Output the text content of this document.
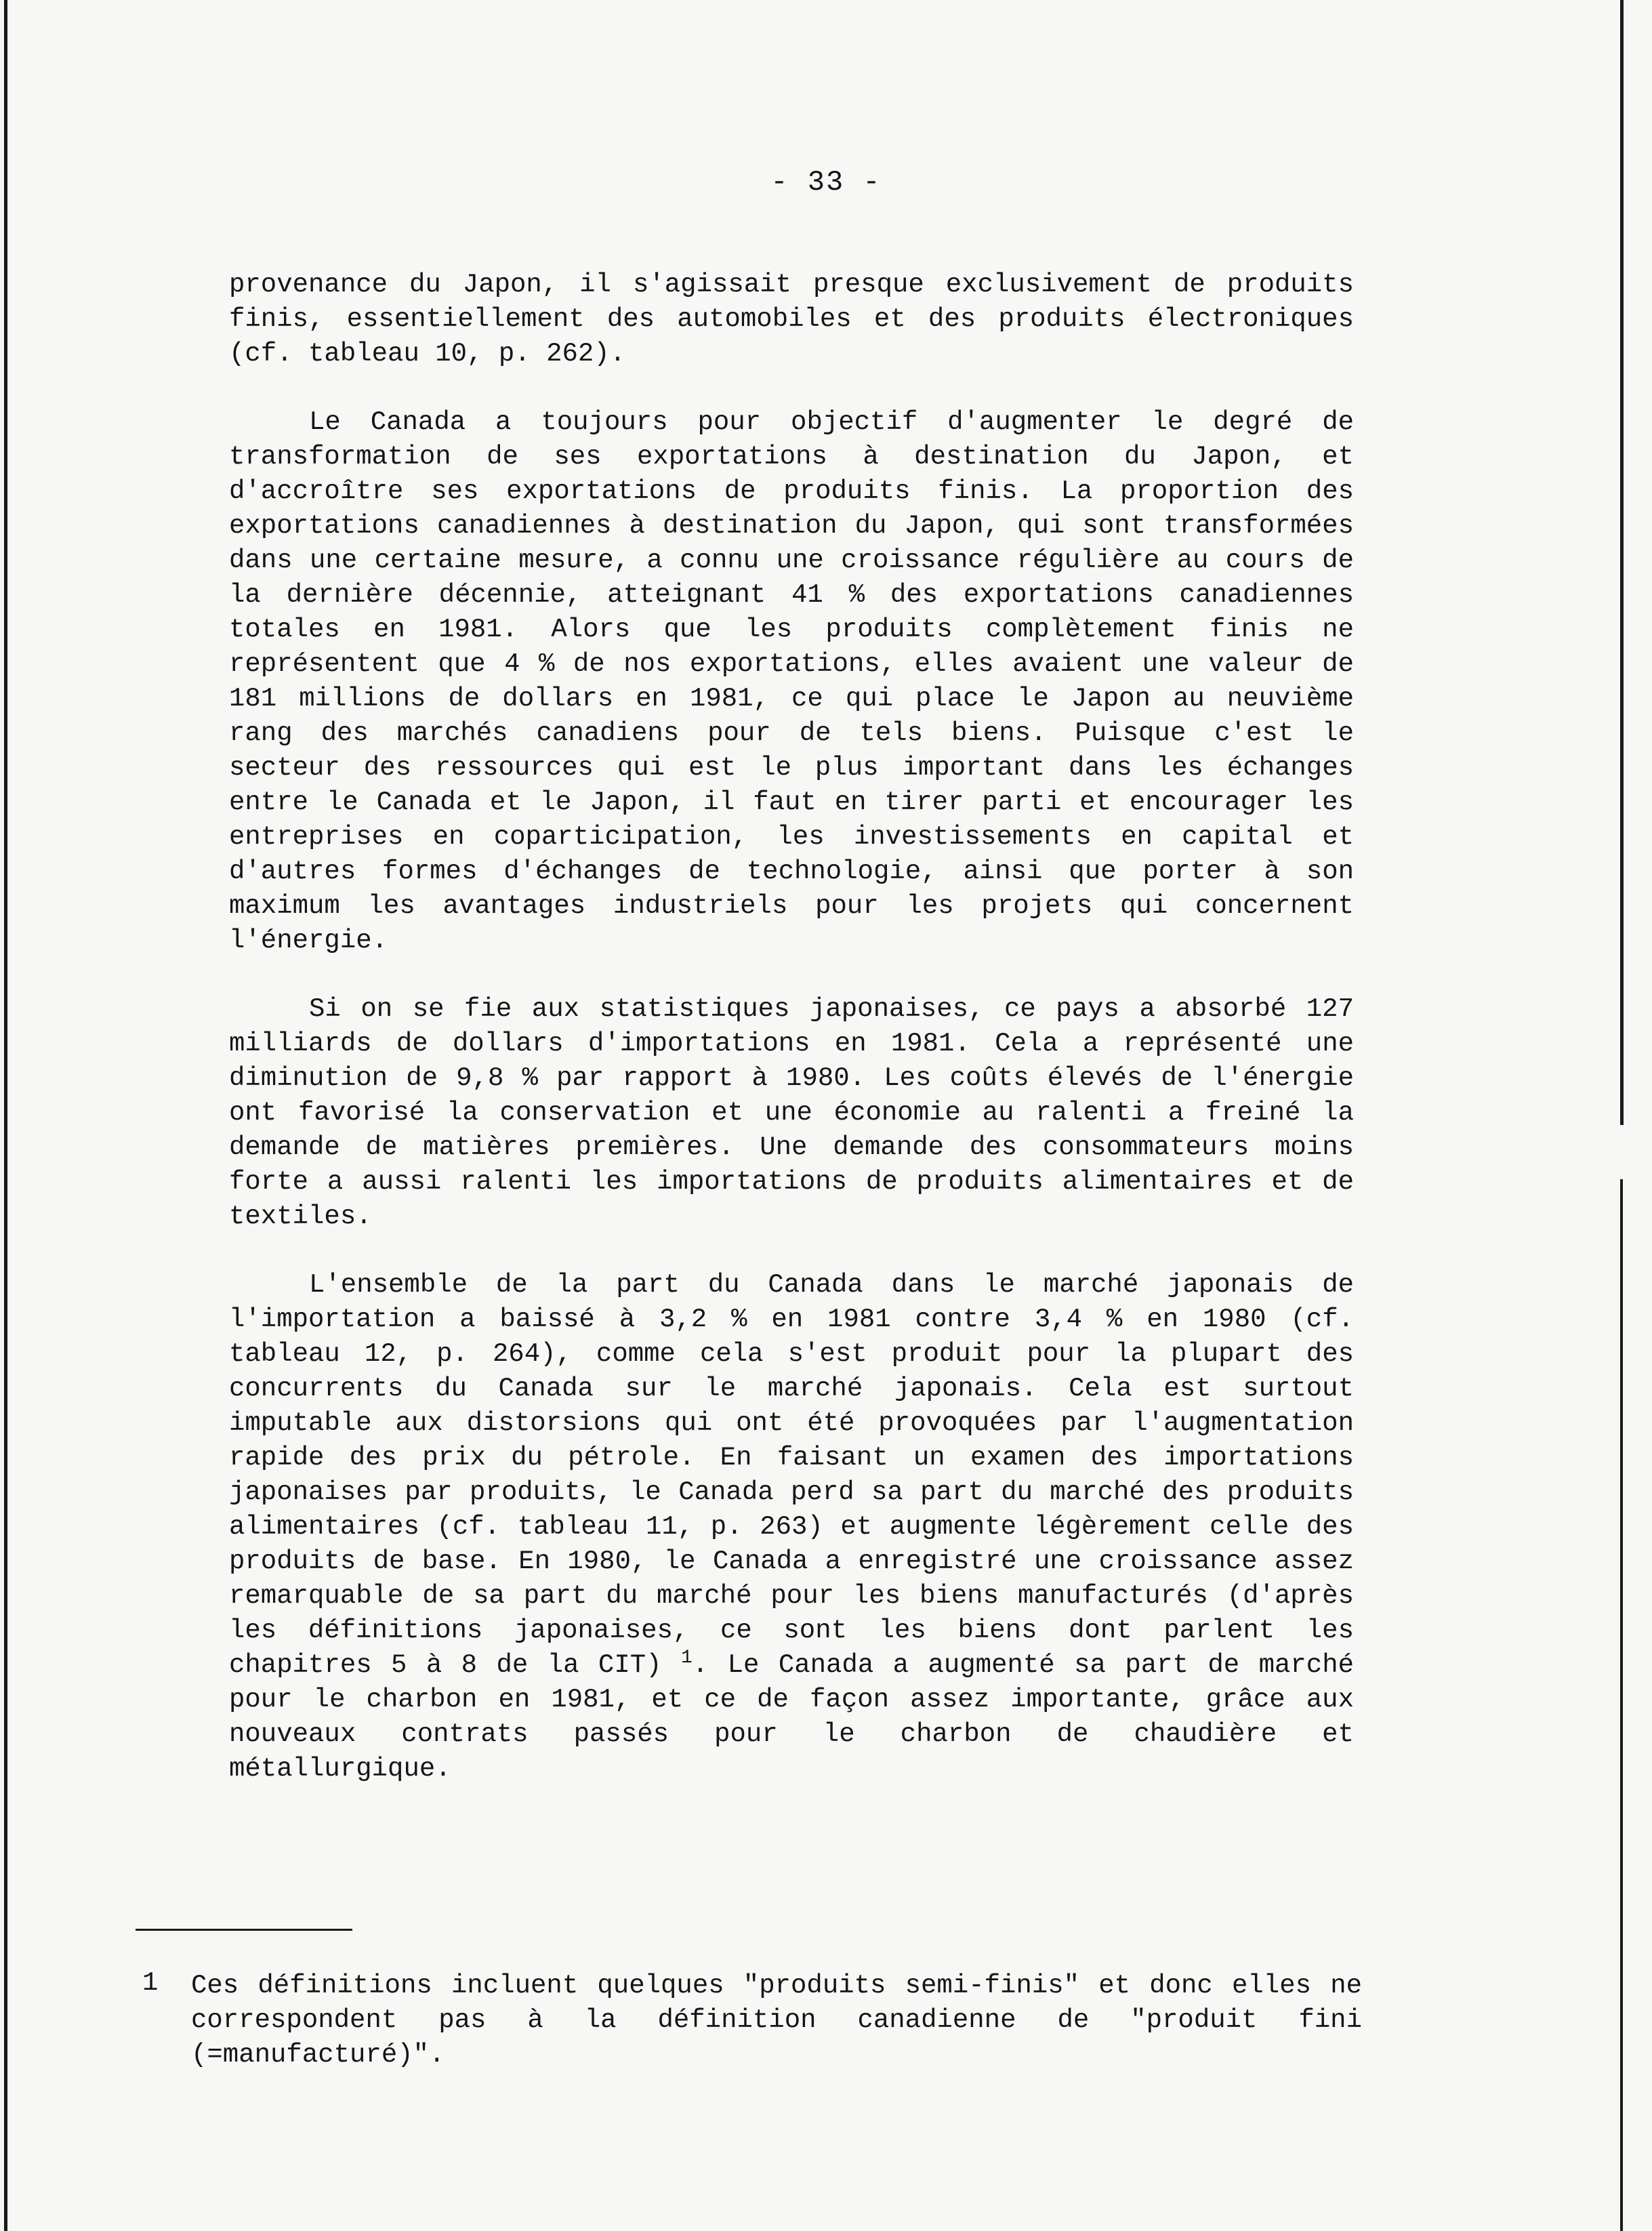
- 33 -

provenance du Japon, il s'agissait presque exclusivement de produits finis, essentiellement des automobiles et des produits électroniques (cf. tableau 10, p. 262).

Le Canada a toujours pour objectif d'augmenter le degré de transformation de ses exportations à destination du Japon, et d'accroître ses exportations de produits finis. La proportion des exportations canadiennes à destination du Japon, qui sont transformées dans une certaine mesure, a connu une croissance régulière au cours de la dernière décennie, atteignant 41 % des exportations canadiennes totales en 1981. Alors que les produits complètement finis ne représentent que 4 % de nos exportations, elles avaient une valeur de 181 millions de dollars en 1981, ce qui place le Japon au neuvième rang des marchés canadiens pour de tels biens. Puisque c'est le secteur des ressources qui est le plus important dans les échanges entre le Canada et le Japon, il faut en tirer parti et encourager les entreprises en coparticipation, les investissements en capital et d'autres formes d'échanges de technologie, ainsi que porter à son maximum les avantages industriels pour les projets qui concernent l'énergie.

Si on se fie aux statistiques japonaises, ce pays a absorbé 127 milliards de dollars d'importations en 1981. Cela a représenté une diminution de 9,8 % par rapport à 1980. Les coûts élevés de l'énergie ont favorisé la conservation et une économie au ralenti a freiné la demande de matières premières. Une demande des consommateurs moins forte a aussi ralenti les importations de produits alimentaires et de textiles.

L'ensemble de la part du Canada dans le marché japonais de l'importation a baissé à 3,2 % en 1981 contre 3,4 % en 1980 (cf. tableau 12, p. 264), comme cela s'est produit pour la plupart des concurrents du Canada sur le marché japonais. Cela est surtout imputable aux distorsions qui ont été provoquées par l'augmentation rapide des prix du pétrole. En faisant un examen des importations japonaises par produits, le Canada perd sa part du marché des produits alimentaires (cf. tableau 11, p. 263) et augmente légèrement celle des produits de base. En 1980, le Canada a enregistré une croissance assez remarquable de sa part du marché pour les biens manufacturés (d'après les définitions japonaises, ce sont les biens dont parlent les chapitres 5 à 8 de la CIT) $^1$. Le Canada a augmenté sa part de marché pour le charbon en 1981, et ce de façon assez importante, grâce aux nouveaux contrats passés pour le charbon de chaudière et métallurgique.

1	Ces définitions incluent quelques "produits semi-finis" et donc elles ne correspondent pas à la définition canadienne de "produit fini (=manufacturé)".
